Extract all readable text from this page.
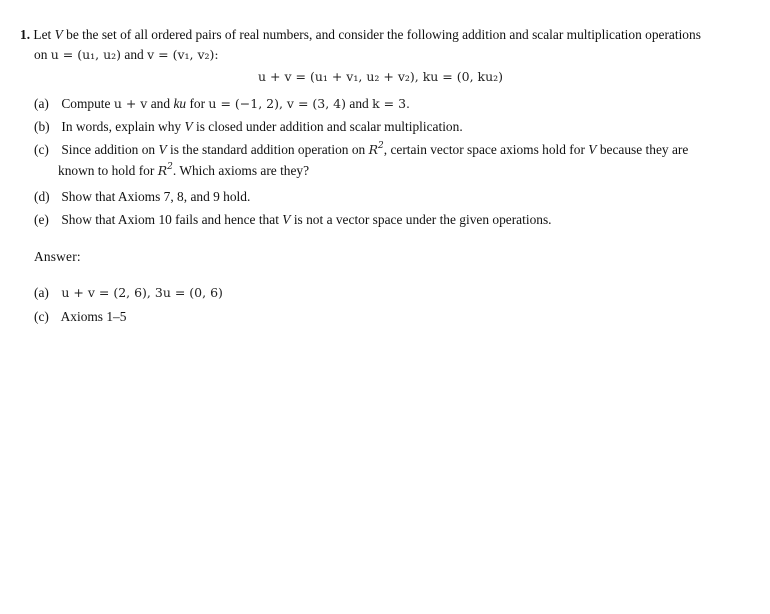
1. Let V be the set of all ordered pairs of real numbers, and consider the following addition and scalar multiplication operations
on u = (u₁, u₂) and v = (v₁, v₂):
u + v = (u₁ + v₁, u₂ + v₂), ku = (0, ku₂)
(a) Compute u + v and ku for u = (−1, 2), v = (3, 4) and k = 3.
(b) In words, explain why V is closed under addition and scalar multiplication.
(c) Since addition on V is the standard addition operation on $R^2$, certain vector space axioms hold for V because they are
known to hold for $R^2$. Which axioms are they?
(d) Show that Axioms 7, 8, and 9 hold.
(e) Show that Axiom 10 fails and hence that V is not a vector space under the given operations.
Answer:
(a) u + v = (2, 6), 3u = (0, 6)
(c) Axioms 1–5
